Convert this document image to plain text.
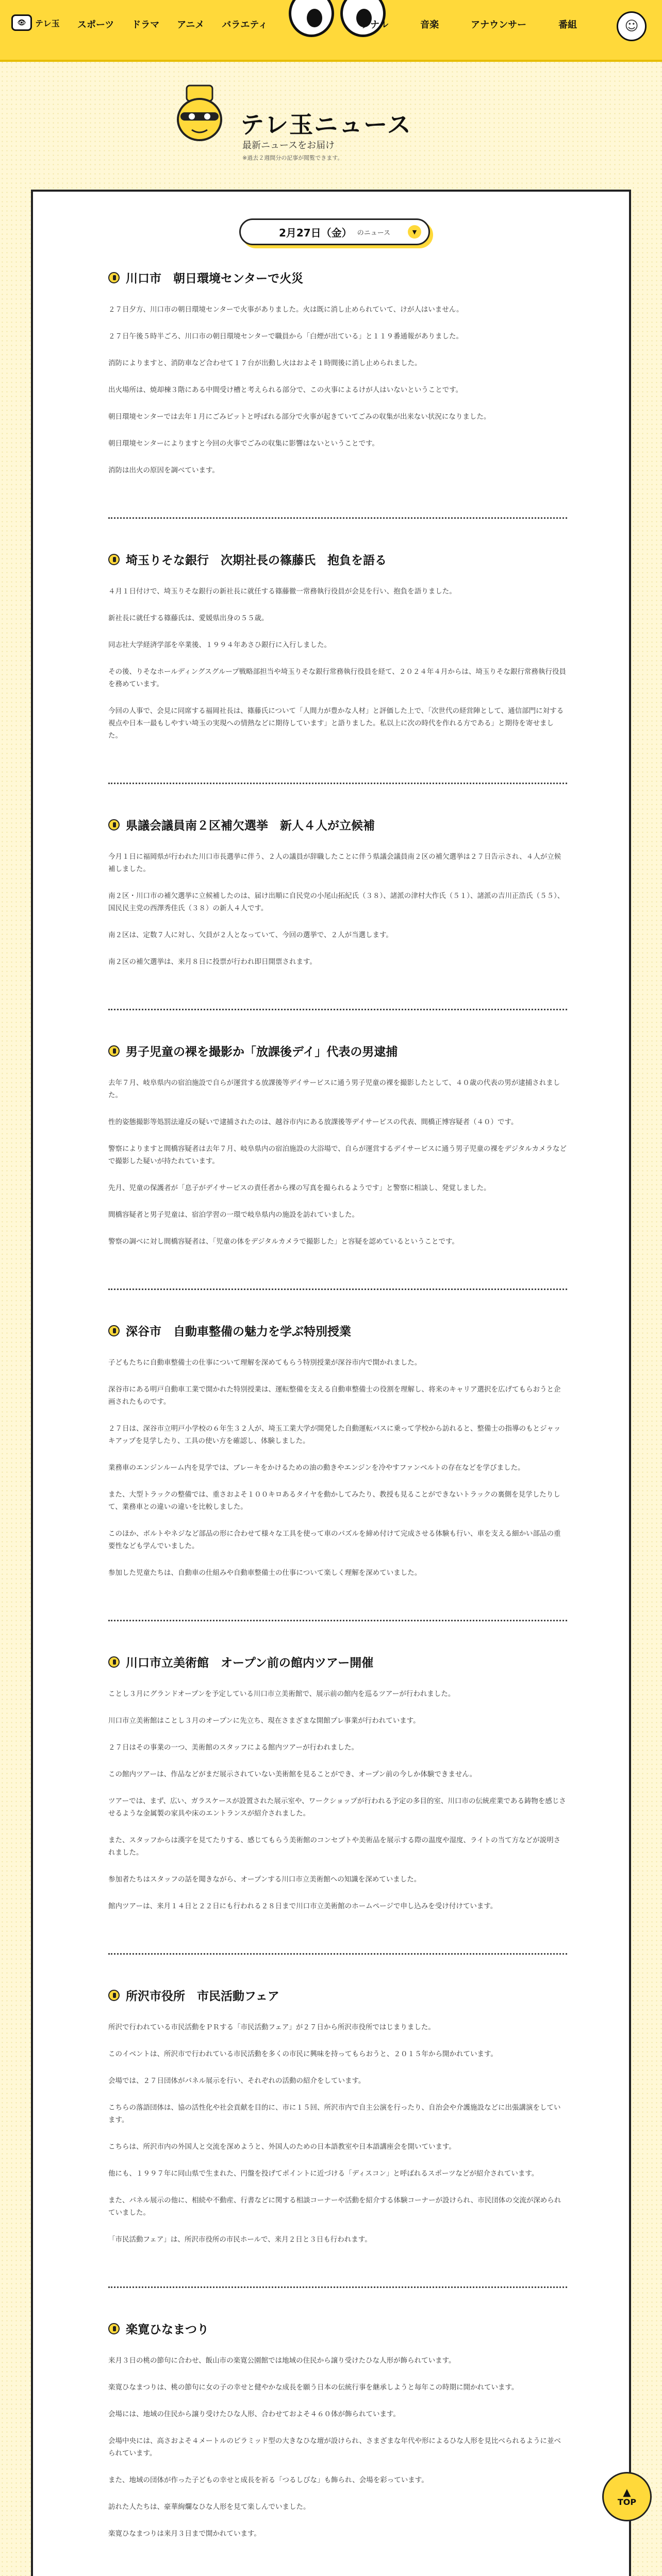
👁	テレ玉 スポーツ ドラマ アニメ バラエティ	ソナル	音楽	アナウンサー	番組	☺
テレ玉ニュース

最新ニュースをお届け

※過去２週間分の記事が閲覧できます。

2月27日（金） のニュース	▼
川口市　朝日環境センターで火災

２７日夕方、川口市の朝日環境センターで火事がありました。火は既に消し止められていて、けが人はいません。

２７日午後５時半ごろ、川口市の朝日環境センターで職員から「白煙が出ている」と１１９番通報がありました。

消防によりますと、消防車など合わせて１７台が出動し火はおよそ１時間後に消し止められました。

出火場所は、焼却棟３階にある中間受け槽と考えられる部分で、この火事によるけが人はいないということです。

朝日環境センターでは去年１月にごみピットと呼ばれる部分で火事が起きていてごみの収集が出来ない状況になりました。

朝日環境センターによりますと今回の火事でごみの収集に影響はないということです。

消防は出火の原因を調べています。

埼玉りそな銀行　次期社長の篠藤氏　抱負を語る

４月１日付けで、埼玉りそな銀行の新社長に就任する篠藤徹一常務執行役員が会見を行い、抱負を語りました。

新社長に就任する篠藤氏は、愛媛県出身の５５歳。

同志社大学経済学部を卒業後、１９９４年あさひ銀行に入行しました。

その後、りそなホールディングスグループ戦略部担当や埼玉りそな銀行常務執行役員を経て、２０２４年４月からは、埼玉りそな銀行常務執行役員を務めています。

今回の人事で、会見に同席する福岡社長は、篠藤氏について「人間力が豊かな人材」と評価した上で、「次世代の経営陣として、通信部門に対する視点や日本一最もしやすい埼玉の実現への情熱などに期待しています」と語りました。私以上に次の時代を作れる方である」と期待を寄せました。

県議会議員南２区補欠選挙　新人４人が立候補

今月１日に福岡県が行われた川口市長選挙に伴う、２人の議員が辞職したことに伴う県議会議員南２区の補欠選挙は２７日告示され、４人が立候補しました。

南２区・川口市の補欠選挙に立候補したのは、届け出順に自民党の小尾山拓紀氏（３８）、諸派の津村大作氏（５１）、諸派の吉川正浩氏（５５）、国民民主党の西澤秀佳氏（３８）の新人４人です。

南２区は、定数７人に対し、欠員が２人となっていて、今回の選挙で、２人が当選します。

南２区の補欠選挙は、来月８日に投票が行われ即日開票されます。

男子児童の裸を撮影か「放課後デイ」代表の男逮捕

去年７月、岐阜県内の宿泊施設で自らが運営する放課後等デイサービスに通う男子児童の裸を撮影したとして、４０歳の代表の男が逮捕されました。

性的姿態撮影等処罰法違反の疑いで逮捕されたのは、越谷市内にある放課後等デイサービスの代表、間橋正博容疑者（４０）です。

警察によりますと間橋容疑者は去年７月、岐阜県内の宿泊施設の大浴場で、自らが運営するデイサービスに通う男子児童の裸をデジタルカメラなどで撮影した疑いが持たれています。

先月、児童の保護者が「息子がデイサービスの責任者から裸の写真を撮られるようです」と警察に相談し、発覚しました。

間橋容疑者と男子児童は、宿泊学習の一環で岐阜県内の施設を訪れていました。

警察の調べに対し間橋容疑者は、「児童の体をデジタルカメラで撮影した」と容疑を認めているということです。

深谷市　自動車整備の魅力を学ぶ特別授業

子どもたちに自動車整備士の仕事について理解を深めてもらう特別授業が深谷市内で開かれました。

深谷市にある明戸自動車工業で開かれた特別授業は、運転整備を支える自動車整備士の役割を理解し、将来のキャリア選択を広げてもらおうと企画されたものです。

２７日は、深谷市立明戸小学校の６年生３２人が、埼玉工業大学が開発した自動運転バスに乗って学校から訪れると、整備士の指導のもとジャッキアップを見学したり、工具の使い方を確認し、体験しました。

業務車のエンジンルーム内を見学では、ブレーキをかけるための油の動きやエンジンを冷やすファンベルトの存在などを学びました。

また、大型トラックの整備では、重さおよそ１００キロあるタイヤを動かしてみたり、教授も見ることができないトラックの裏側を見学したりして、業務車との違いの違いを比較しました。

このほか、ボルトやネジなど部品の形に合わせて様々な工具を使って車のパズルを締め付けて完成させる体験も行い、車を支える細かい部品の重要性なども学んでいました。

参加した児童たちは、自動車の仕組みや自動車整備士の仕事について楽しく理解を深めていました。

川口市立美術館　オープン前の館内ツアー開催

ことし３月にグランドオープンを予定している川口市立美術館で、展示前の館内を巡るツアーが行われました。

川口市立美術館はことし３月のオープンに先立ち、現在さまざまな開館プレ事業が行われています。

２７日はその事業の一つ、美術館のスタッフによる館内ツアーが行われました。

この館内ツアーは、作品などがまだ展示されていない美術館を見ることができ、オープン前の今しか体験できません。

ツアーでは、まず、広い、ガラスケースが設置された展示室や、ワークショップが行われる予定の多目的室、川口市の伝統産業である鋳物を感じさせるような金属製の家具や床のエントランスが紹介されました。

また、スタッフからは漢字を見てたりする、感じてもらう美術館のコンセプトや美術品を展示する際の温度や湿度、ライトの当て方などが説明されました。

参加者たちはスタッフの話を聞きながら、オープンする川口市立美術館への知識を深めていました。

館内ツアーは、来月１４日と２２日にも行われる２８日まで川口市立美術館のホームページで申し込みを受け付けています。

所沢市役所　市民活動フェア

所沢で行われている市民活動をＰＲする「市民活動フェア」が２７日から所沢市役所ではじまりました。

このイベントは、所沢市で行われている市民活動を多くの市民に興味を持ってもらおうと、２０１５年から開かれています。

会場では、２７日団体がパネル展示を行い、それぞれの活動の紹介をしています。

こちらの落語団体は、協の活性化や社会貢献を目的に、市に１５回、所沢市内で自主公演を行ったり、自治会や介護施設などに出張講演をしています。

こちらは、所沢市内の外国人と交流を深めようと、外国人のための日本語教室や日本語講座会を開いています。

他にも、１９９７年に同山県で生まれた、円盤を投げてポイントに近づける「ディスコン」と呼ばれるスポーツなどが紹介されています。

また、パネル展示の他に、相続や不動産、行書などに関する相談コーナーや活動を紹介する体験コーナーが設けられ、市民団体の交流が深められていました。

「市民活動フェア」は、所沢市役所の市民ホールで、来月２日と３日も行われます。

楽寛ひなまつり

来月３日の桃の節句に合わせ、飯山市の楽寛公園館では地域の住民から譲り受けたひな人形が飾られています。

楽寛ひなまつりは、桃の節句に女の子の幸せと健やかな成長を願う日本の伝統行事を継承しようと毎年この時期に開かれています。

会場には、地域の住民から譲り受けたひな人形、合わせておよそ４６０体が飾られています。

会場中央には、高さおよそ４メートルのピラミッド型の大きなひな壇が設けられ、さまざまな年代や形によるひな人形を見比べられるように並べられています。

また、地域の団体が作った子どもの幸せと成長を祈る「つるしびな」も飾られ、会場を彩っています。

訪れた人たちは、豪華絢爛なひな人形を見て楽しんでいました。

楽寛ひなまつりは来月３日まで開かれています。

▲
TOP
